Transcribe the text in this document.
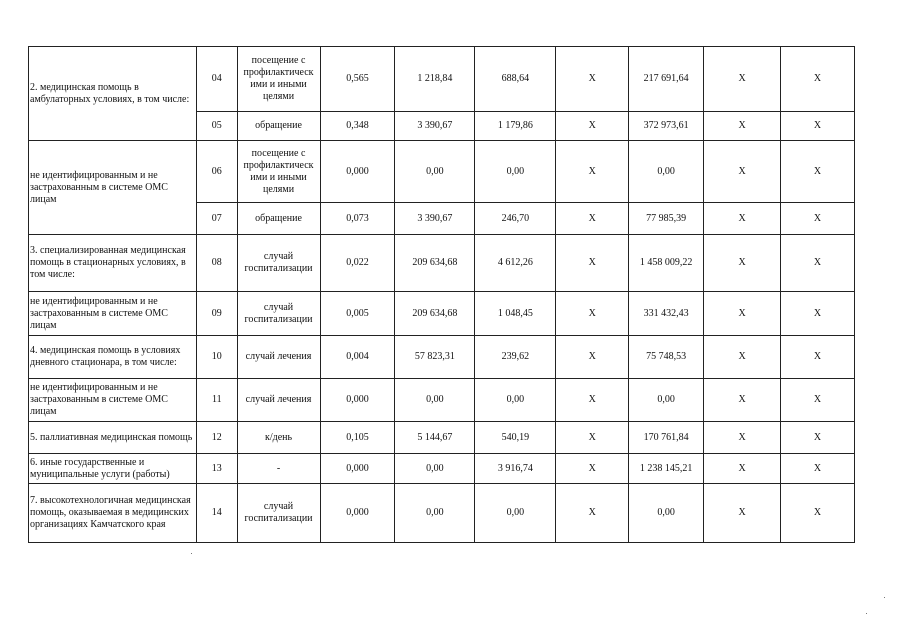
2. медицинская помощь в амбулаторных условиях, в том числе:	04	посещение с профилактическ ими и иными целями	0,565	1 218,84	688,64	Х	217 691,64	Х	Х
	05	обращение	0,348	3 390,67	1 179,86	Х	372 973,61	Х	Х
не идентифицированным и не застрахованным в системе ОМС лицам	06	посещение с профилактическ ими и иными целями	0,000	0,00	0,00	Х	0,00	Х	Х
	07	обращение	0,073	3 390,67	246,70	Х	77 985,39	Х	Х
3. специализированная медицинская помощь в стационарных условиях, в том числе:	08	случай госпитализации	0,022	209 634,68	4 612,26	Х	1 458 009,22	Х	Х
не идентифицированным и не застрахованным в системе ОМС лицам	09	случай госпитализации	0,005	209 634,68	1 048,45	Х	331 432,43	Х	Х
4. медицинская помощь в условиях дневного стационара, в том числе:	10	случай лечения	0,004	57 823,31	239,62	Х	75 748,53	Х	Х
не идентифицированным и не застрахованным в системе ОМС лицам	11	случай лечения	0,000	0,00	0,00	Х	0,00	Х	Х
5. паллиативная медицинская помощь	12	к/день	0,105	5 144,67	540,19	Х	170 761,84	Х	Х
6. иные государственные и муниципальные услуги (работы)	13	-	0,000	0,00	3 916,74	Х	1 238 145,21	Х	Х
7. высокотехнологичная медицинская помощь, оказываемая в медицинских организациях Камчатского края	14	случай госпитализации	0,000	0,00	0,00	Х	0,00	Х	Х
